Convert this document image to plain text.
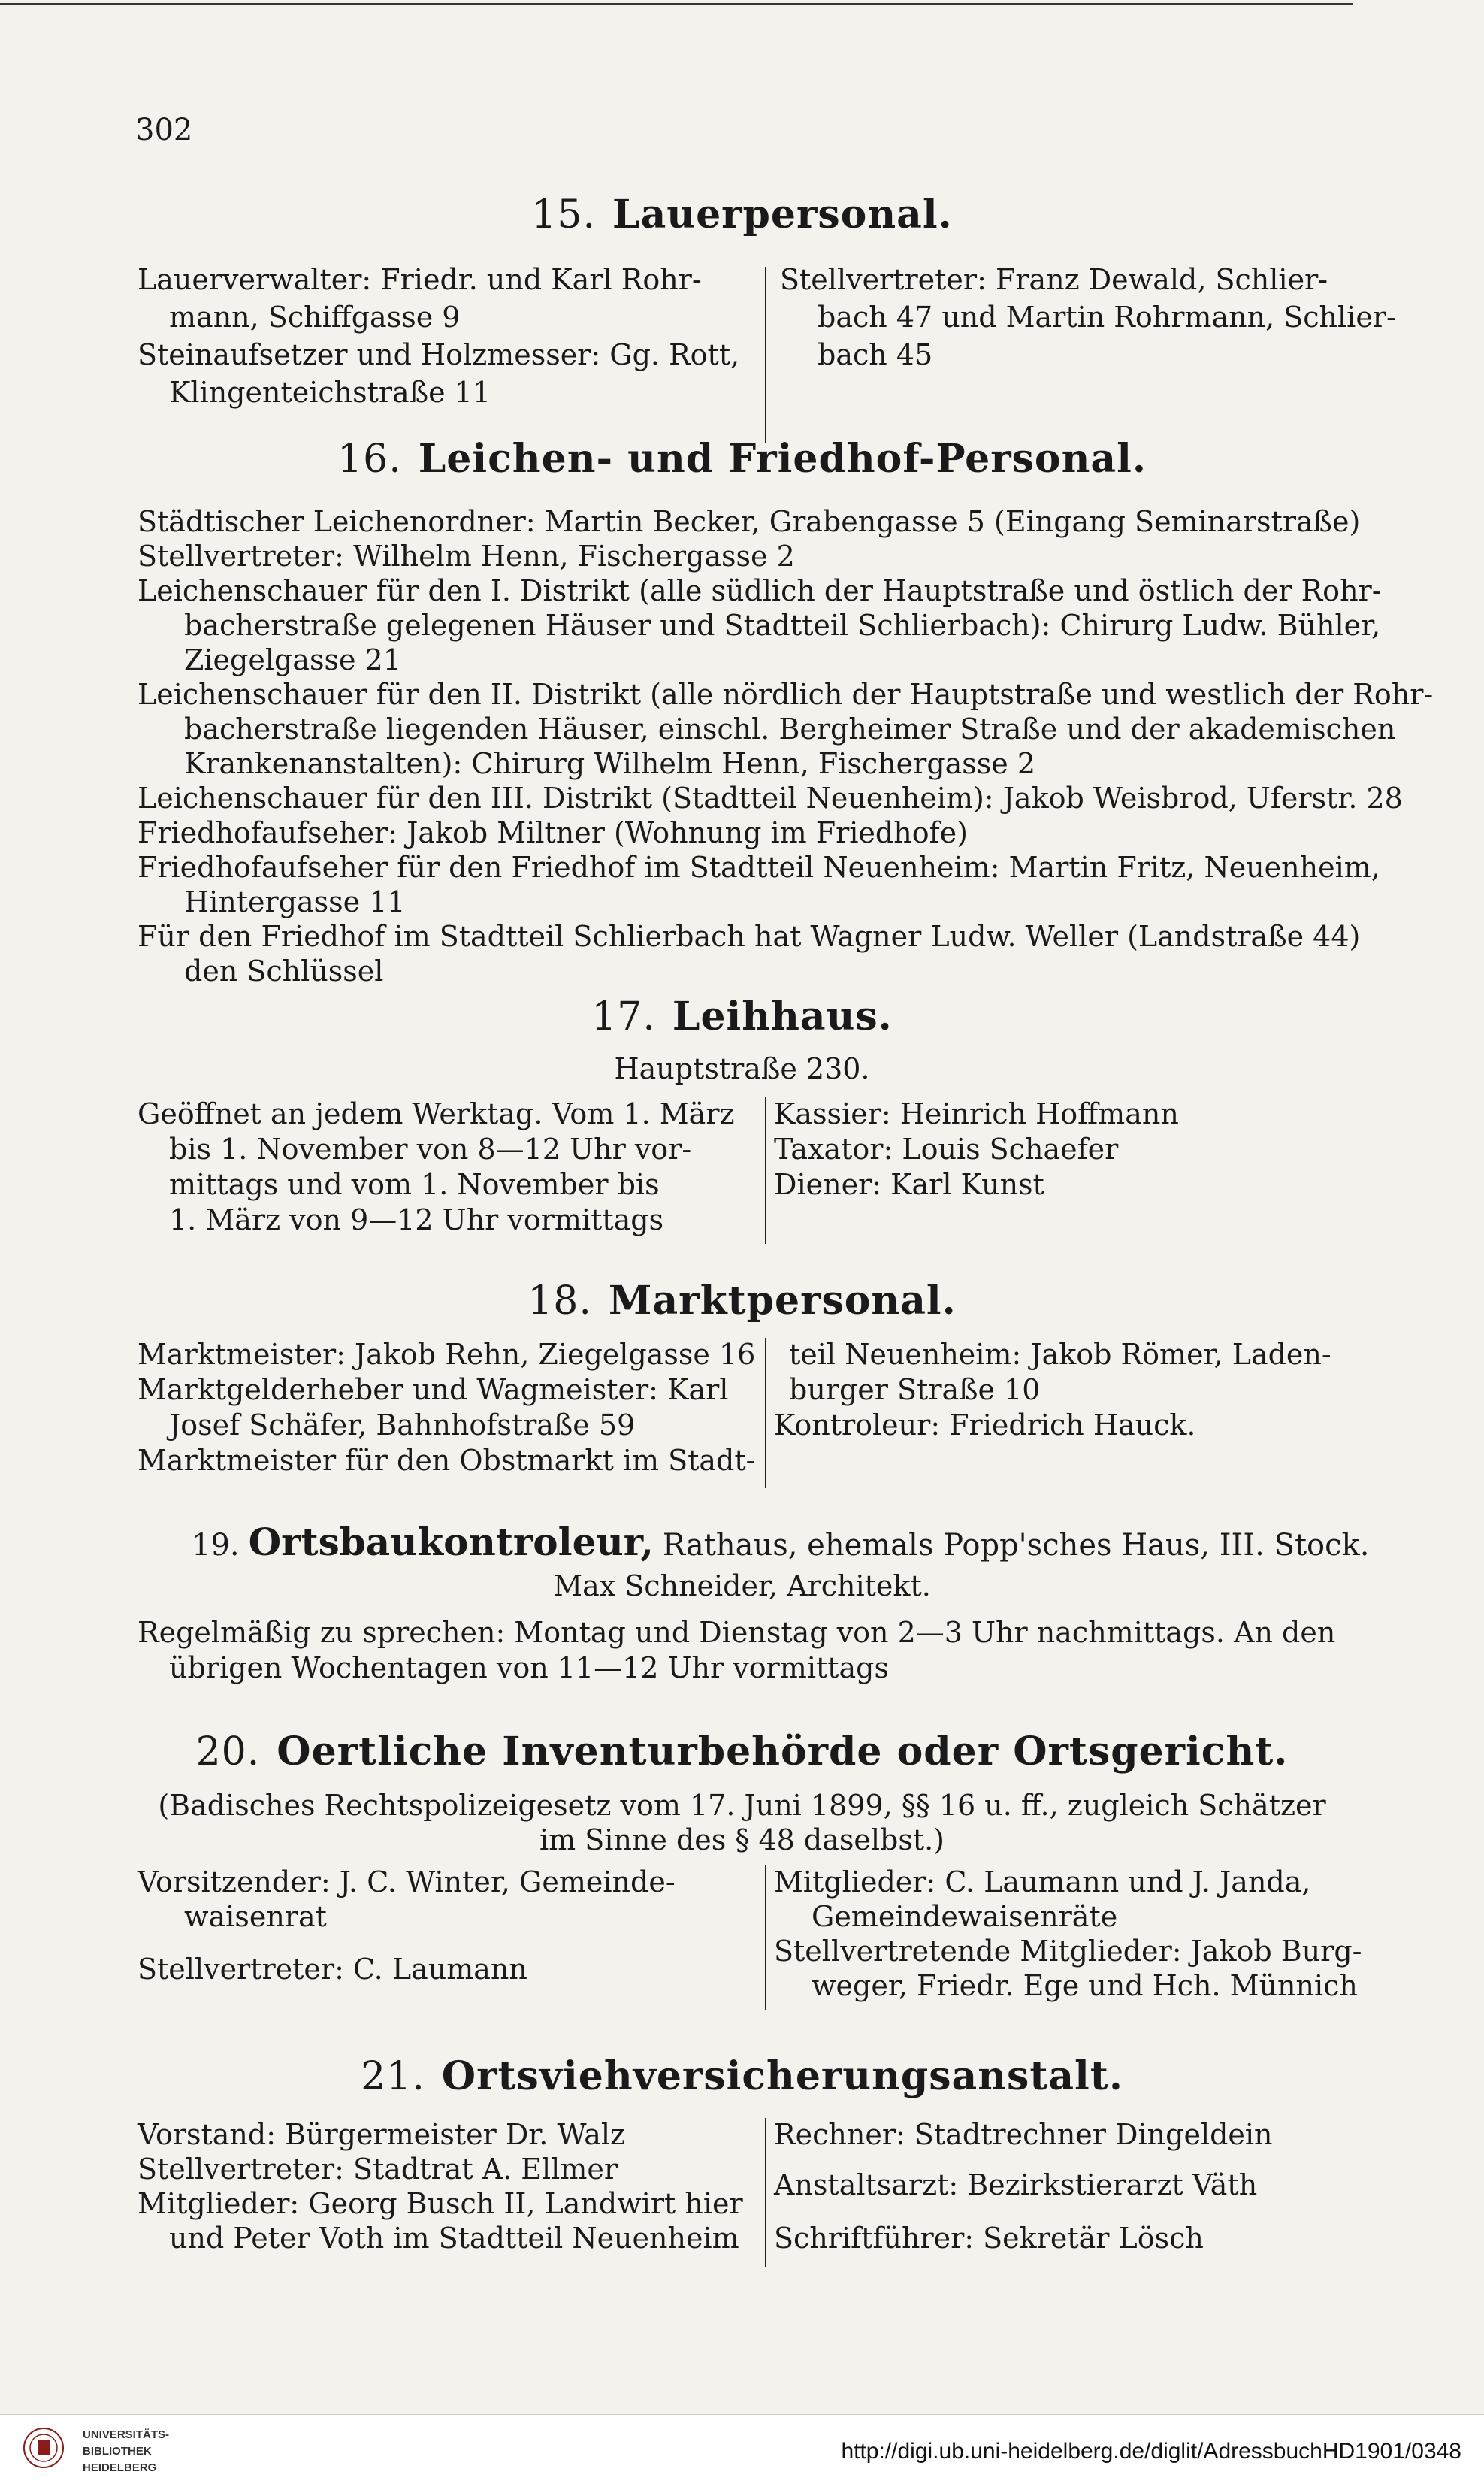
302
15. Lauerpersonal.
Lauerverwalter: Friedr. und Karl Rohr-
mann, Schiffgasse 9
Steinaufsetzer und Holzmesser: Gg. Rott,
Klingenteichstraße 11
Stellvertreter: Franz Dewald, Schlier-
bach 47 und Martin Rohrmann, Schlier-
bach 45
16. Leichen- und Friedhof-Personal.
Städtischer Leichenordner: Martin Becker, Grabengasse 5 (Eingang Seminarstraße)
Stellvertreter: Wilhelm Henn, Fischergasse 2
Leichenschauer für den I. Distrikt (alle südlich der Hauptstraße und östlich der Rohr-
bacherstraße gelegenen Häuser und Stadtteil Schlierbach): Chirurg Ludw. Bühler,
Ziegelgasse 21
Leichenschauer für den II. Distrikt (alle nördlich der Hauptstraße und westlich der Rohr-
bacherstraße liegenden Häuser, einschl. Bergheimer Straße und der akademischen
Krankenanstalten): Chirurg Wilhelm Henn, Fischergasse 2
Leichenschauer für den III. Distrikt (Stadtteil Neuenheim): Jakob Weisbrod, Uferstr. 28
Friedhofaufseher: Jakob Miltner (Wohnung im Friedhofe)
Friedhofaufseher für den Friedhof im Stadtteil Neuenheim: Martin Fritz, Neuenheim,
Hintergasse 11
Für den Friedhof im Stadtteil Schlierbach hat Wagner Ludw. Weller (Landstraße 44)
den Schlüssel
17. Leihhaus.
Hauptstraße 230.
Geöffnet an jedem Werktag. Vom 1. März
bis 1. November von 8—12 Uhr vor-
mittags und vom 1. November bis
1. März von 9—12 Uhr vormittags
Kassier: Heinrich Hoffmann
Taxator: Louis Schaefer
Diener: Karl Kunst
18. Marktpersonal.
Marktmeister: Jakob Rehn, Ziegelgasse 16
Marktgelderheber und Wagmeister: Karl
Josef Schäfer, Bahnhofstraße 59
Marktmeister für den Obstmarkt im Stadt-
teil Neuenheim: Jakob Römer, Laden-
burger Straße 10
Kontroleur: Friedrich Hauck.
19. Ortsbaukontroleur, Rathaus, ehemals Popp'sches Haus, III. Stock.
Max Schneider, Architekt.
Regelmäßig zu sprechen: Montag und Dienstag von 2—3 Uhr nachmittags. An den
übrigen Wochentagen von 11—12 Uhr vormittags
20. Oertliche Inventurbehörde oder Ortsgericht.
(Badisches Rechtspolizeigesetz vom 17. Juni 1899, §§ 16 u. ff., zugleich Schätzer
im Sinne des § 48 daselbst.)
Vorsitzender: J. C. Winter, Gemeinde-
waisenrat
Stellvertreter: C. Laumann
Mitglieder: C. Laumann und J. Janda,
Gemeindewaisenräte
Stellvertretende Mitglieder: Jakob Burg-
weger, Friedr. Ege und Hch. Münnich
21. Ortsviehversicherungsanstalt.
Vorstand: Bürgermeister Dr. Walz
Stellvertreter: Stadtrat A. Ellmer
Mitglieder: Georg Busch II, Landwirt hier
und Peter Voth im Stadtteil Neuenheim
Rechner: Stadtrechner Dingeldein
Anstaltsarzt: Bezirkstierarzt Väth
Schriftführer: Sekretär Lösch
UNIVERSITÄTS-
BIBLIOTHEK
HEIDELBERG
http://digi.ub.uni-heidelberg.de/diglit/AdressbuchHD1901/0348
